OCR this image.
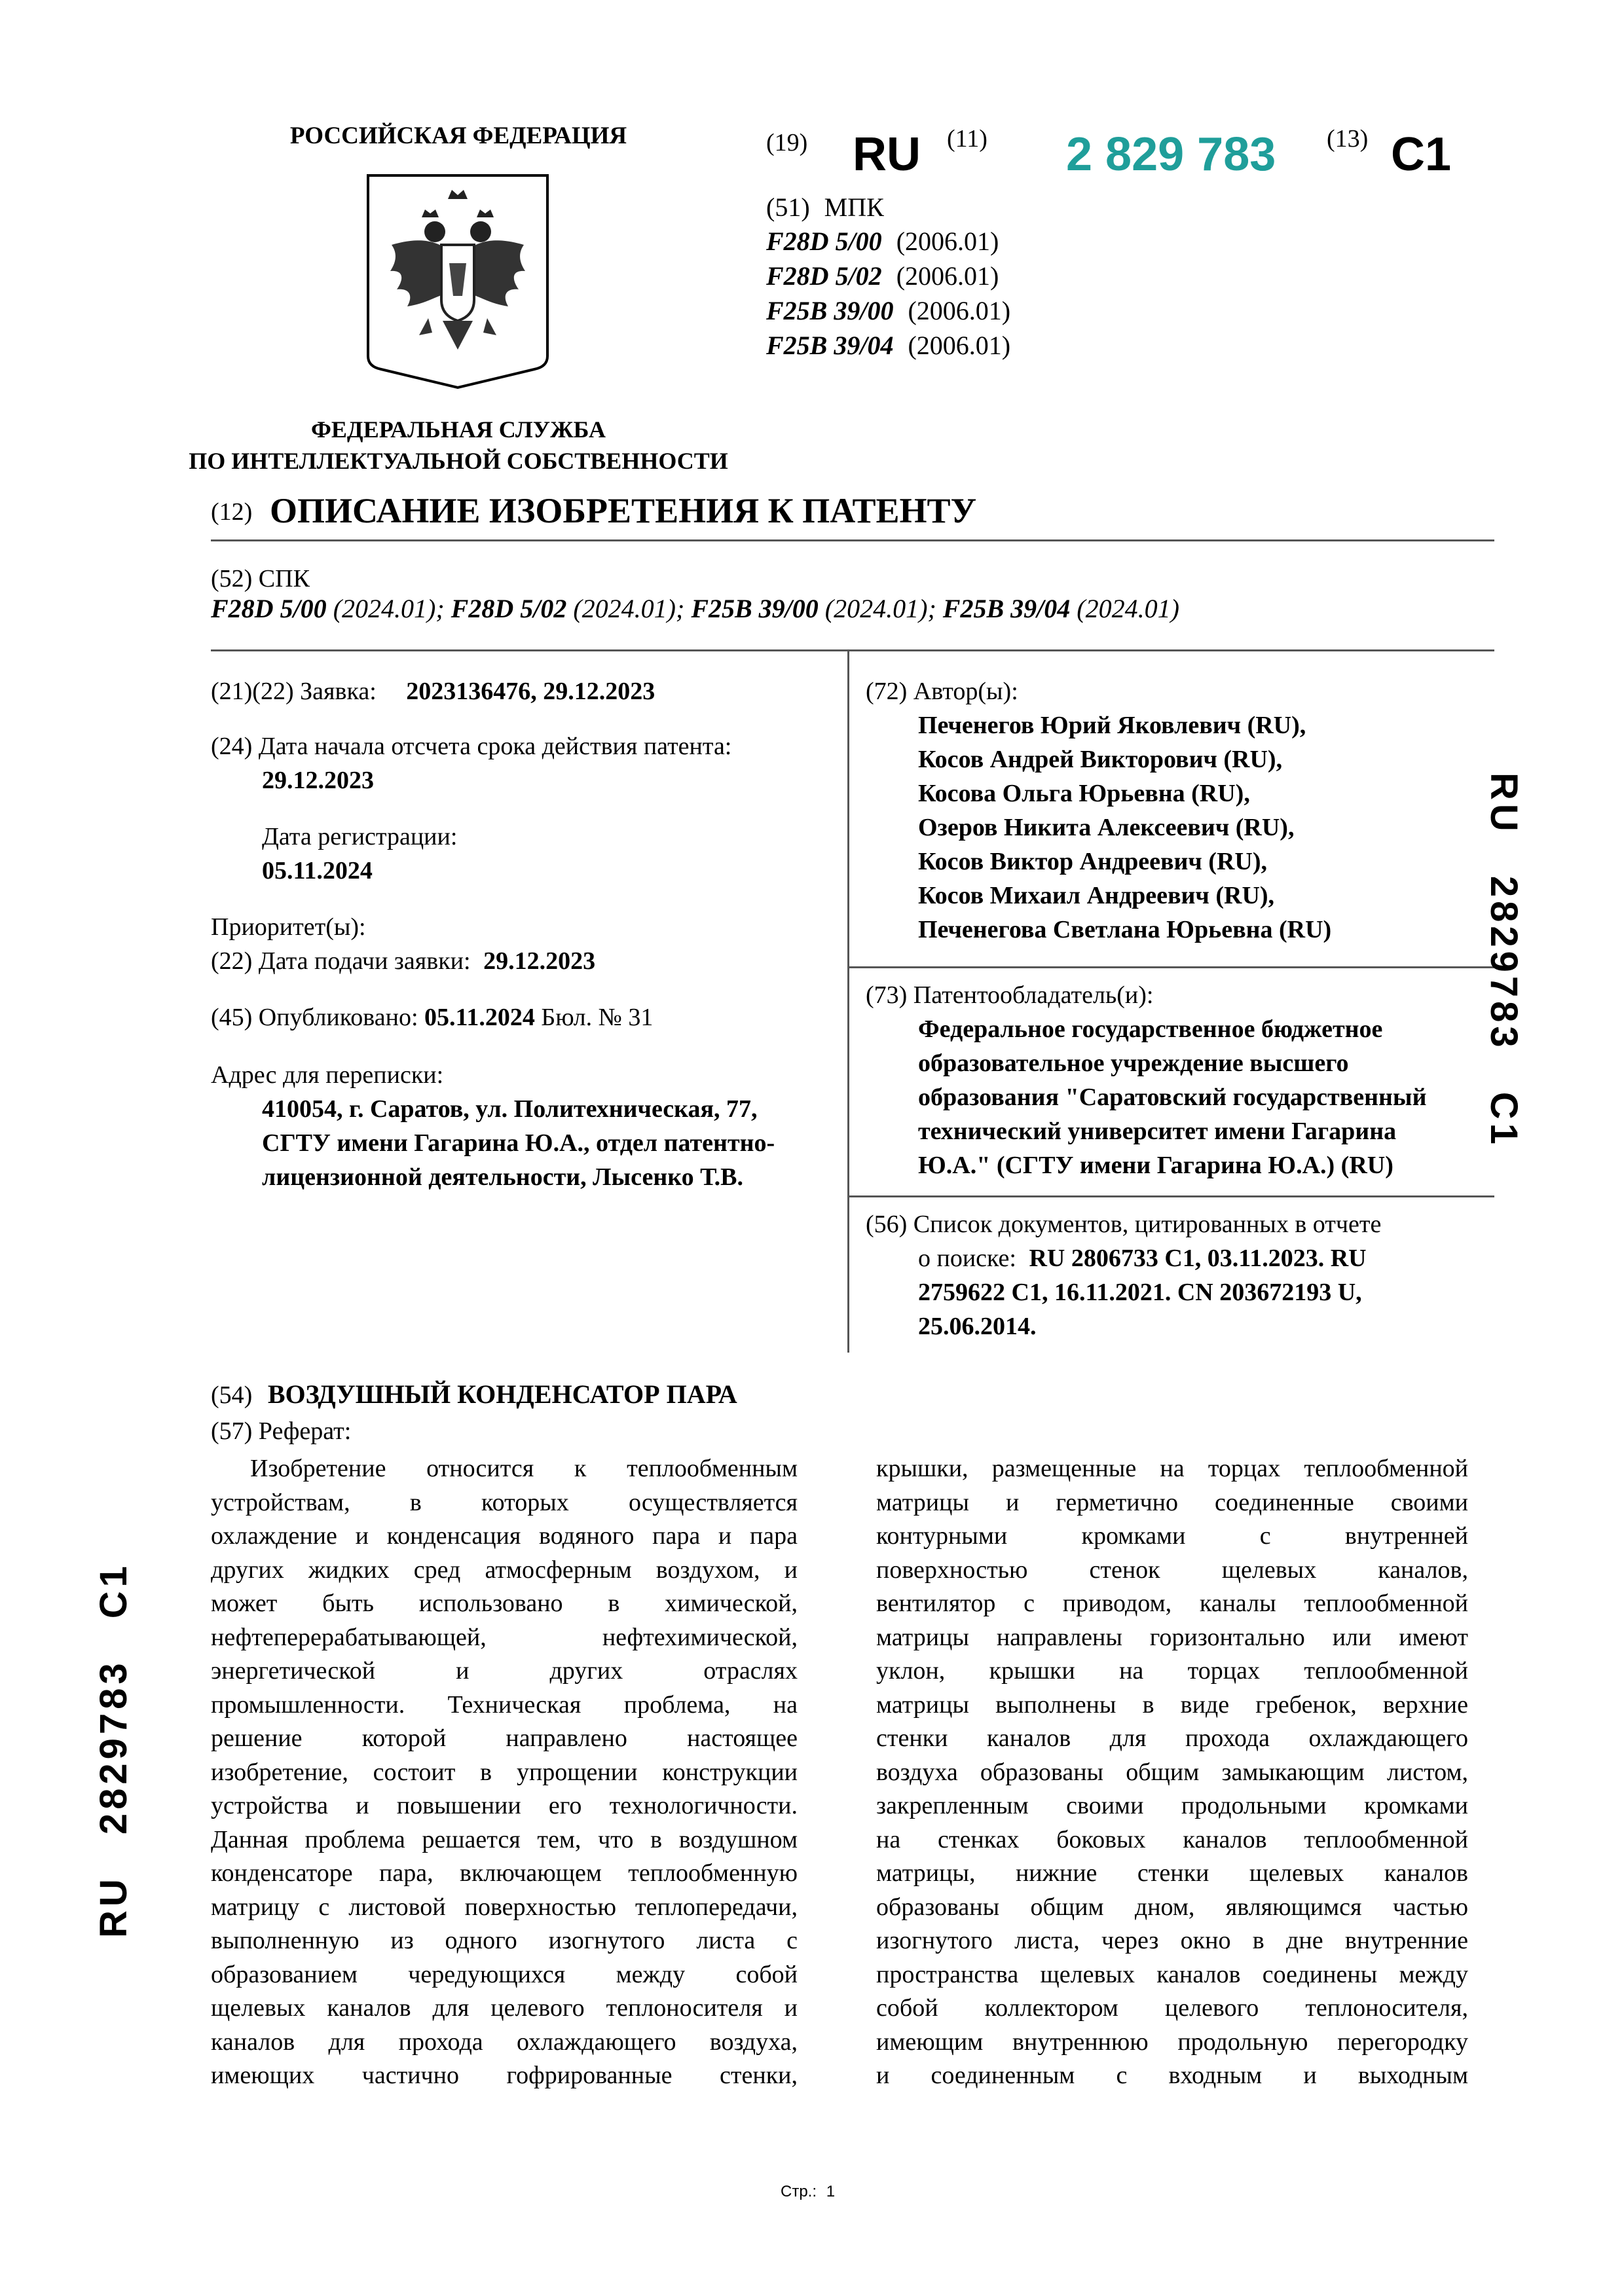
РОССИЙСКАЯ ФЕДЕРАЦИЯ
ФЕДЕРАЛЬНАЯ СЛУЖБА
ПО ИНТЕЛЛЕКТУАЛЬНОЙ СОБСТВЕННОСТИ
(19) RU (11) 2 829 783 (13) C1
(51) МПК
F28D 5/00 (2006.01)
F28D 5/02 (2006.01)
F25B 39/00 (2006.01)
F25B 39/04 (2006.01)
(12) ОПИСАНИЕ ИЗОБРЕТЕНИЯ К ПАТЕНТУ
(52) СПК
F28D 5/00 (2024.01); F28D 5/02 (2024.01); F25B 39/00 (2024.01); F25B 39/04 (2024.01)
(21)(22) Заявка: 2023136476, 29.12.2023
(24) Дата начала отсчета срока действия патента:
29.12.2023
Дата регистрации:
05.11.2024
Приоритет(ы):
(22) Дата подачи заявки: 29.12.2023
(45) Опубликовано: 05.11.2024 Бюл. № 31
Адрес для переписки:
410054, г. Саратов, ул. Политехническая, 77,
СГТУ имени Гагарина Ю.А., отдел патентно-
лицензионной деятельности, Лысенко Т.В.
(72) Автор(ы):
Печенегов Юрий Яковлевич (RU),
Косов Андрей Викторович (RU),
Косова Ольга Юрьевна (RU),
Озеров Никита Алексеевич (RU),
Косов Виктор Андреевич (RU),
Косов Михаил Андреевич (RU),
Печенегова Светлана Юрьевна (RU)
(73) Патентообладатель(и):
Федеральное государственное бюджетное
образовательное учреждение высшего
образования "Саратовский государственный
технический университет имени Гагарина
Ю.А." (СГТУ имени Гагарина Ю.А.) (RU)
(56) Список документов, цитированных в отчете
о поиске: RU 2806733 C1, 03.11.2023. RU
2759622 C1, 16.11.2021. CN 203672193 U,
25.06.2014.
(54) ВОЗДУШНЫЙ КОНДЕНСАТОР ПАРА
(57) Реферат:
Изобретение относится к теплообменным
устройствам, в которых осуществляется
охлаждение и конденсация водяного пара и пара
других жидких сред атмосферным воздухом, и
может быть использовано в химической,
нефтеперерабатывающей, нефтехимической,
энергетической и других отраслях
промышленности. Техническая проблема, на
решение которой направлено настоящее
изобретение, состоит в упрощении конструкции
устройства и повышении его технологичности.
Данная проблема решается тем, что в воздушном
конденсаторе пара, включающем теплообменную
матрицу с листовой поверхностью теплопередачи,
выполненную из одного изогнутого листа с
образованием чередующихся между собой
щелевых каналов для целевого теплоносителя и
каналов для прохода охлаждающего воздуха,
имеющих частично гофрированные стенки,
крышки, размещенные на торцах теплообменной
матрицы и герметично соединенные своими
контурными кромками с внутренней
поверхностью стенок щелевых каналов,
вентилятор с приводом, каналы теплообменной
матрицы направлены горизонтально или имеют
уклон, крышки на торцах теплообменной
матрицы выполнены в виде гребенок, верхние
стенки каналов для прохода охлаждающего
воздуха образованы общим замыкающим листом,
закрепленным своими продольными кромками
на стенках боковых каналов теплообменной
матрицы, нижние стенки щелевых каналов
образованы общим дном, являющимся частью
изогнутого листа, через окно в дне внутренние
пространства щелевых каналов соединены между
собой коллектором целевого теплоносителя,
имеющим внутреннюю продольную перегородку
и соединенным с входным и выходным
RU 2829783 C1
RU 2829783 C1
Стр.: 1
